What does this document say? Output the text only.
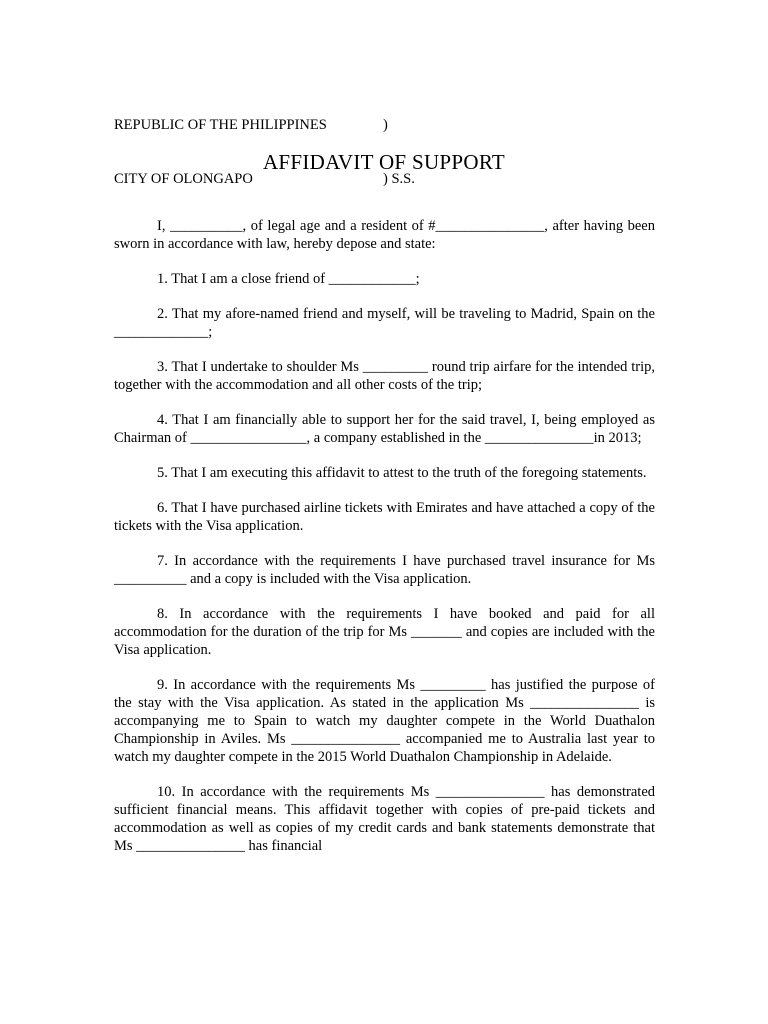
REPUBLIC OF THE PHILIPPINES

	)

CITY OF OLONGAPO

	) S.S.

AFFIDAVIT OF SUPPORT

I, __________, of legal age and a resident of #_______________, after having been sworn in accordance with law, hereby depose and state:

1. That I am a close friend of ____________;

2. That my afore-named friend and myself, will be traveling to Madrid, Spain on the _____________;

3. That I undertake to shoulder Ms _________ round trip airfare for the intended trip, together with the accommodation and all other costs of the trip;

4. That I am financially able to support her for the said travel, I, being employed as Chairman of ________________, a company established in the _______________in 2013;

5. That I am executing this affidavit to attest to the truth of the foregoing statements.

6. That I have purchased airline tickets with Emirates and have attached a copy of the tickets with the Visa application.

7. In accordance with the requirements I have purchased travel insurance for Ms __________ and a copy is included with the Visa application.

8. In accordance with the requirements I have booked and paid for all accommodation for the duration of the trip for Ms _______ and copies are included with the Visa application.

9. In accordance with the requirements Ms _________ has justified the purpose of the stay with the Visa application. As stated in the application Ms _______________ is accompanying me to Spain to watch my daughter compete in the World Duathalon Championship in Aviles. Ms _______________ accompanied me to Australia last year to watch my daughter compete in the 2015 World Duathalon Championship in Adelaide.

10. In accordance with the requirements Ms _______________ has demonstrated sufficient financial means. This affidavit together with copies of pre-paid tickets and accommodation as well as copies of my credit cards and bank statements demonstrate that Ms _______________ has financial
